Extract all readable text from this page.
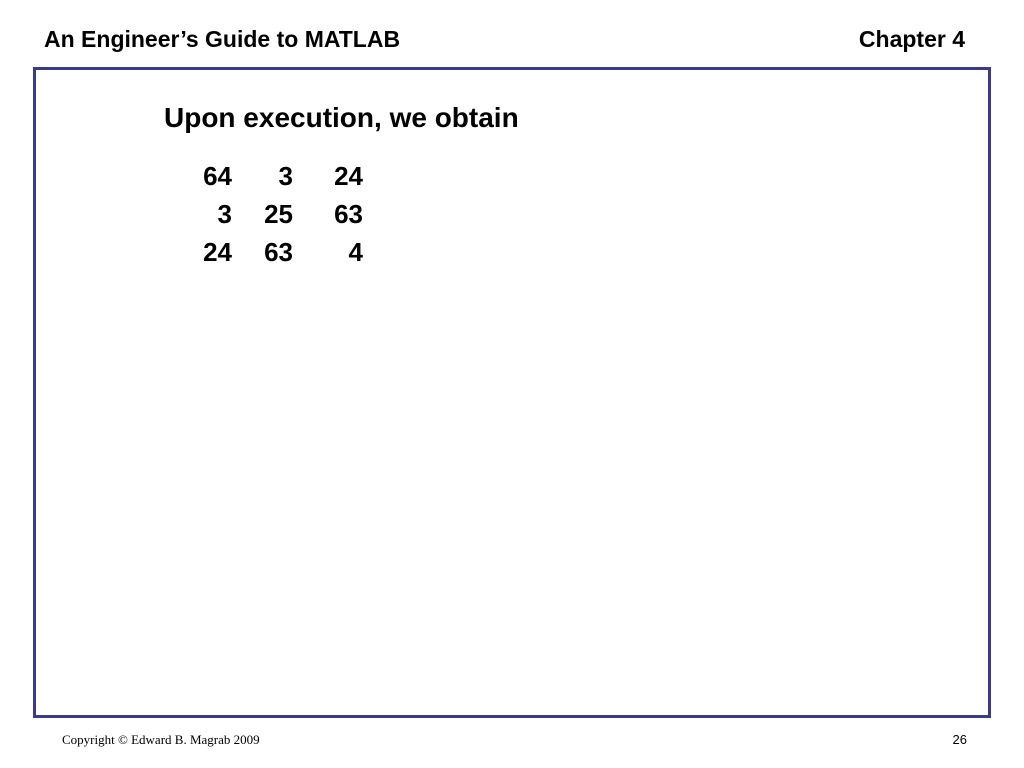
An Engineer’s Guide to MATLAB	Chapter 4
Upon execution, we obtain
64	3	24
3	25	63
24	63	4
Copyright © Edward B. Magrab 2009	26
